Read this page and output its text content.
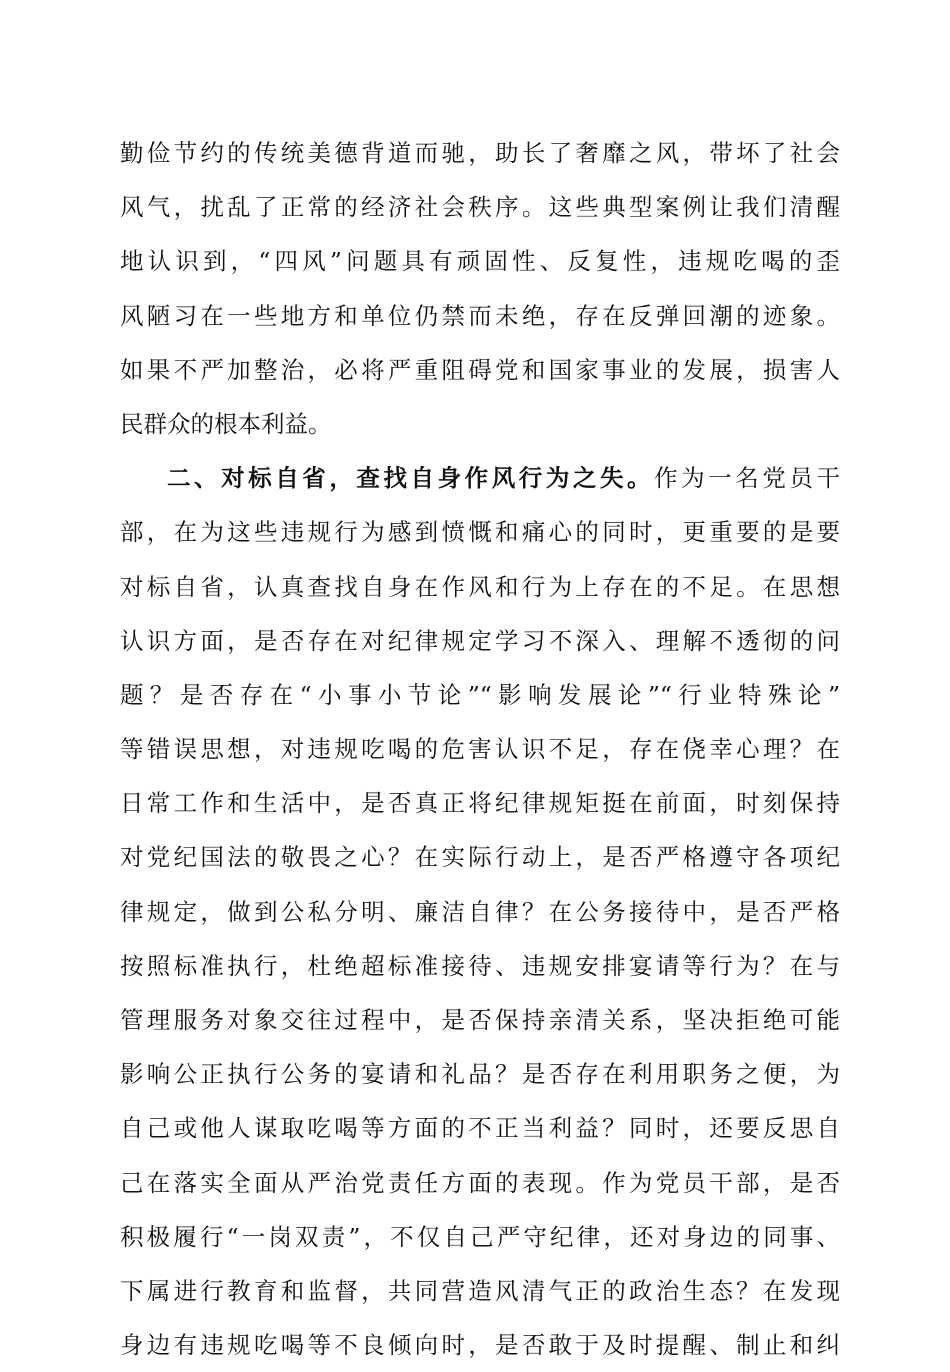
勤俭节约的传统美德背道而驰，助长了奢靡之风，带坏了社会
风气，扰乱了正常的经济社会秩序。这些典型案例让我们清醒
地认识到，“四风”问题具有顽固性、反复性，违规吃喝的歪
风陋习在一些地方和单位仍禁而未绝，存在反弹回潮的迹象。
如果不严加整治，必将严重阻碍党和国家事业的发展，损害人
民群众的根本利益。
二、对标自省，查找自身作风行为之失。作为一名党员干
部，在为这些违规行为感到愤慨和痛心的同时，更重要的是要
对标自省，认真查找自身在作风和行为上存在的不足。在思想
认识方面，是否存在对纪律规定学习不深入、理解不透彻的问
题？是否存在“小事小节论”“影响发展论”“行业特殊论”
等错误思想，对违规吃喝的危害认识不足，存在侥幸心理？在
日常工作和生活中，是否真正将纪律规矩挺在前面，时刻保持
对党纪国法的敬畏之心？在实际行动上，是否严格遵守各项纪
律规定，做到公私分明、廉洁自律？在公务接待中，是否严格
按照标准执行，杜绝超标准接待、违规安排宴请等行为？在与
管理服务对象交往过程中，是否保持亲清关系，坚决拒绝可能
影响公正执行公务的宴请和礼品？是否存在利用职务之便，为
自己或他人谋取吃喝等方面的不正当利益？同时，还要反思自
己在落实全面从严治党责任方面的表现。作为党员干部，是否
积极履行“一岗双责”，不仅自己严守纪律，还对身边的同事、
下属进行教育和监督，共同营造风清气正的政治生态？在发现
身边有违规吃喝等不良倾向时，是否敢于及时提醒、制止和纠
